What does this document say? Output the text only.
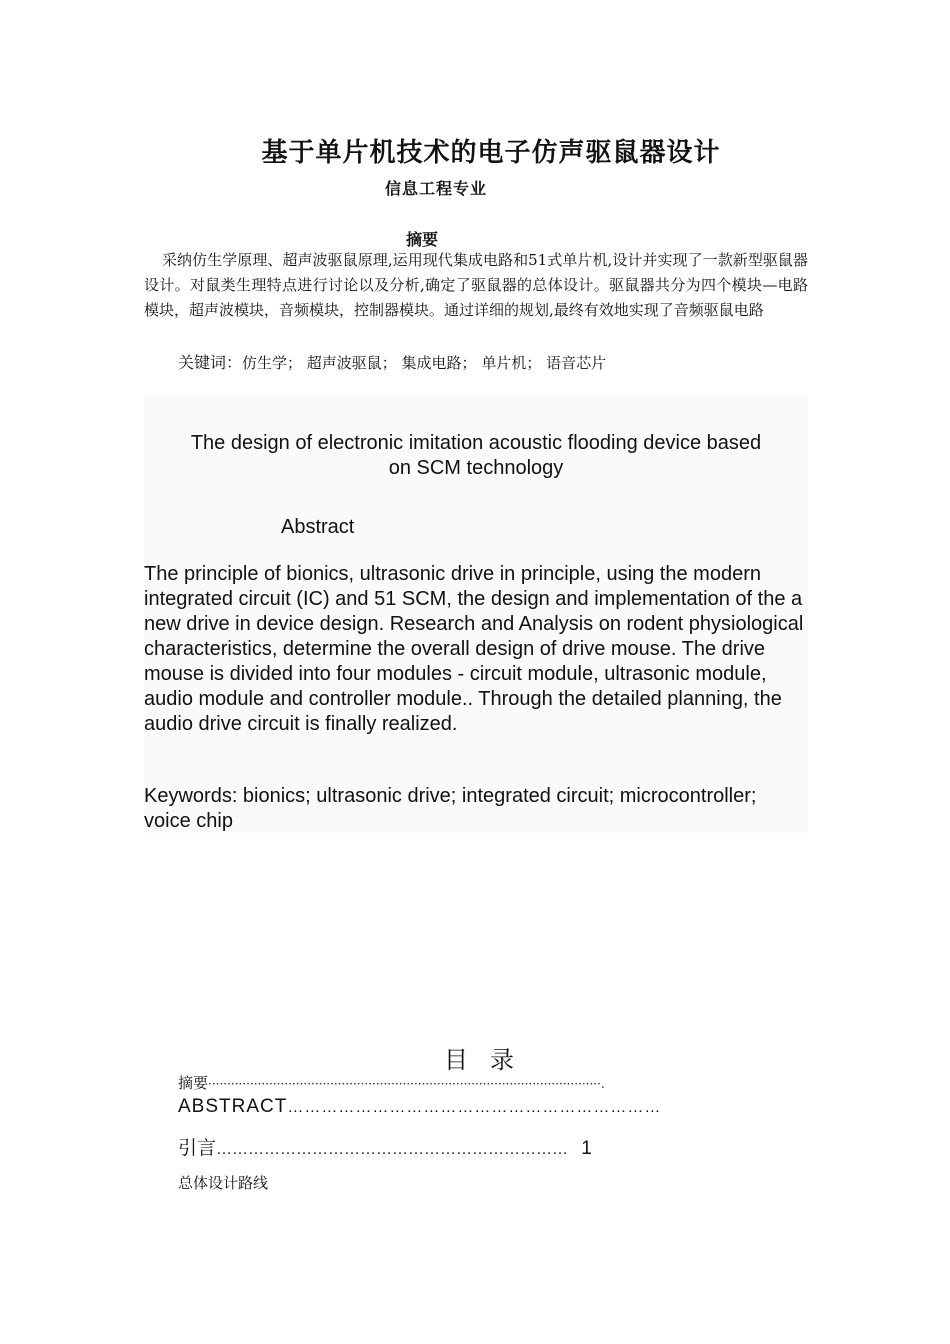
基于单片机技术的电子仿声驱鼠器设计
信息工程专业
摘要
采纳仿生学原理、超声波驱鼠原理,运用现代集成电路和51式单片机,设计并实现了一款新型驱鼠器设计。对鼠类生理特点进行讨论以及分析,确定了驱鼠器的总体设计。驱鼠器共分为四个模块—电路模块，超声波模块，音频模块，控制器模块。通过详细的规划,最终有效地实现了音频驱鼠电路
关键词：仿生学； 超声波驱鼠； 集成电路； 单片机； 语音芯片
The design of electronic imitation acoustic flooding device based on SCM technology
Abstract
The principle of bionics, ultrasonic drive in principle, using the modern integrated circuit (IC) and 51 SCM, the design and implementation of the a new drive in device design. Research and Analysis on rodent physiological characteristics, determine the overall design of drive mouse. The drive mouse is divided into four modules - circuit module, ultrasonic module, audio module and controller module.. Through the detailed planning, the audio drive circuit is finally realized.
Keywords: bionics; ultrasonic drive; integrated circuit; microcontroller; voice chip
目录
摘要·······································································································.
ABSTRACT…………………………………………………………
引言………………………………………………………… 1
总体设计路线
